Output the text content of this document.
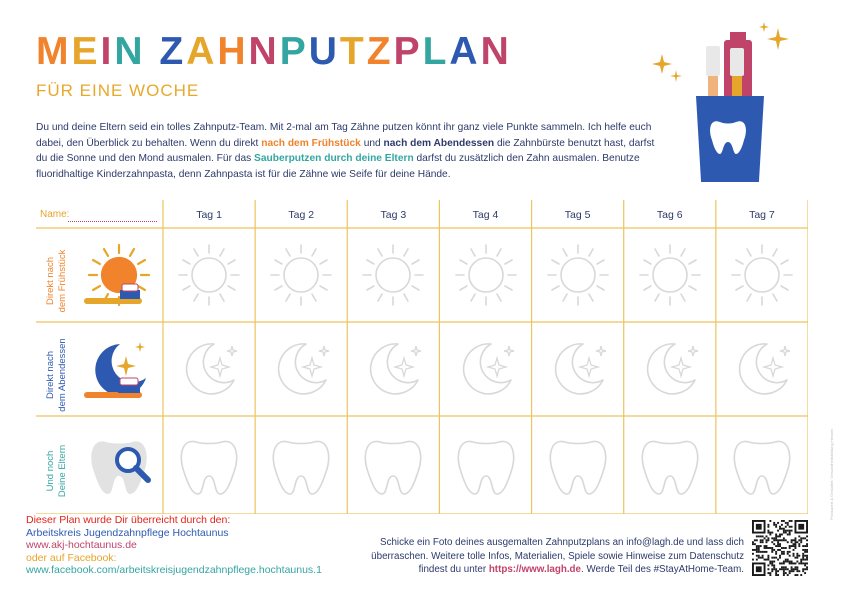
MEIN ZAHNPUTZPLAN
FÜR EINE WOCHE
Du und deine Eltern seid ein tolles Zahnputz-Team. Mit 2-mal am Tag Zähne putzen könnt ihr ganz viele Punkte sammeln. Ich helfe euch dabei, den Überblick zu behalten. Wenn du direkt nach dem Frühstück und nach dem Abendessen die Zahnbürste benutzt hast, darfst du die Sonne und den Mond ausmalen. Für das Sauberputzen durch deine Eltern darfst du zusätzlich den Zahn ausmalen. Benutze fluoridhaltige Kinderzahnpasta, denn Zahnpasta ist für die Zähne wie Seife für deine Hände.
Name:	Tag 1	Tag 2	Tag 3	Tag 4	Tag 5	Tag 6	Tag 7
Direkt nach dem Frühstück
Direkt nach dem Abendessen
Und noch Deine Eltern
Dieser Plan wurde Dir überreicht durch den:
Arbeitskreis Jugendzahnpflege Hochtaunus
www.akj-hochtaunus.de
oder auf Facebook:
www.facebook.com/arbeitskreisjugendzahnpflege.hochtaunus.1
Schicke ein Foto deines ausgemalten Zahnputzplans an info@lagh.de und lass dich überraschen. Weitere tolle Infos, Materialien, Spiele sowie Hinweise zum Datenschutz findest du unter https://www.lagh.de. Werde Teil des #StayAtHome-Team.
Produziert & Gestaltet: Gesundheitsbildung Hessen
